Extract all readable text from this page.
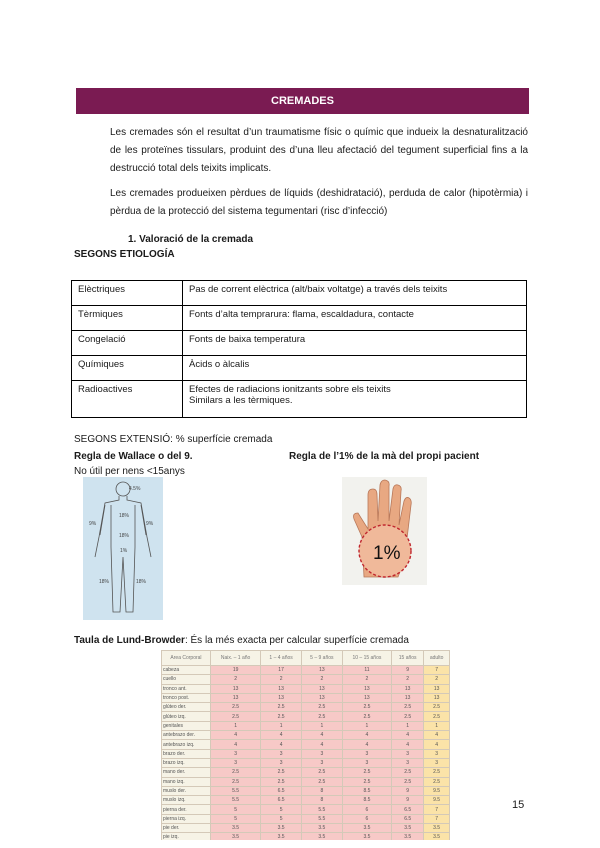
CREMADES
Les cremades són el resultat d’un traumatisme físic o químic que indueix la desnaturalització de les proteïnes tissulars, produint des d’una lleu afectació del tegument superficial fins a la destrucció total dels teixits implicats.
Les cremades produeixen pèrdues de líquids (deshidratació), perduda de calor (hipotèrmia) i pèrdua de la protecció del sistema tegumentari (risc d’infecció)
1. Valoració de la cremada
SEGONS ETIOLOGÍA
Elèctriques	Pas de corrent elèctrica (alt/baix voltatge) a través dels teixits
Tèrmiques	Fonts d’alta temprarura: flama, escaldadura, contacte
Congelació	Fonts de baixa temperatura
Químiques	Àcids o àlcalis
Radioactives	Efectes de radiacions ionitzants sobre els teixits
Similars a les tèrmiques.
SEGONS EXTENSIÓ: % superfície cremada
Regla de Wallace o del 9.
No útil per nens <15anys
Regla de l’1% de la mà del propi pacient
4.5%
18%
18%
9%	9%
1%
18%	18%
1%
Taula de Lund-Browder: És la més exacta per calcular superfície cremada
Area Corporal	Naix. – 1 año	1 – 4 años	5 – 9 años	10 – 15 años	15 años	adulto
cabeza	19	17	13	11	9	7
cuello	2	2	2	2	2	2
tronco ant.	13	13	13	13	13	13
tronco post.	13	13	13	13	13	13
glúteo der.	2.5	2.5	2.5	2.5	2.5	2.5
glúteo izq.	2.5	2.5	2.5	2.5	2.5	2.5
genitales	1	1	1	1	1	1
antebrazo der.	4	4	4	4	4	4
antebrazo izq.	4	4	4	4	4	4
brazo der.	3	3	3	3	3	3
brazo izq.	3	3	3	3	3	3
mano der.	2.5	2.5	2.5	2.5	2.5	2.5
mano izq.	2.5	2.5	2.5	2.5	2.5	2.5
muslo der.	5.5	6.5	8	8.5	9	9.5
muslo izq.	5.5	6.5	8	8.5	9	9.5
pierna der.	5	5	5.5	6	6.5	7
pierna izq.	5	5	5.5	6	6.5	7
pie der.	3.5	3.5	3.5	3.5	3.5	3.5
pie izq.	3.5	3.5	3.5	3.5	3.5	3.5
15
